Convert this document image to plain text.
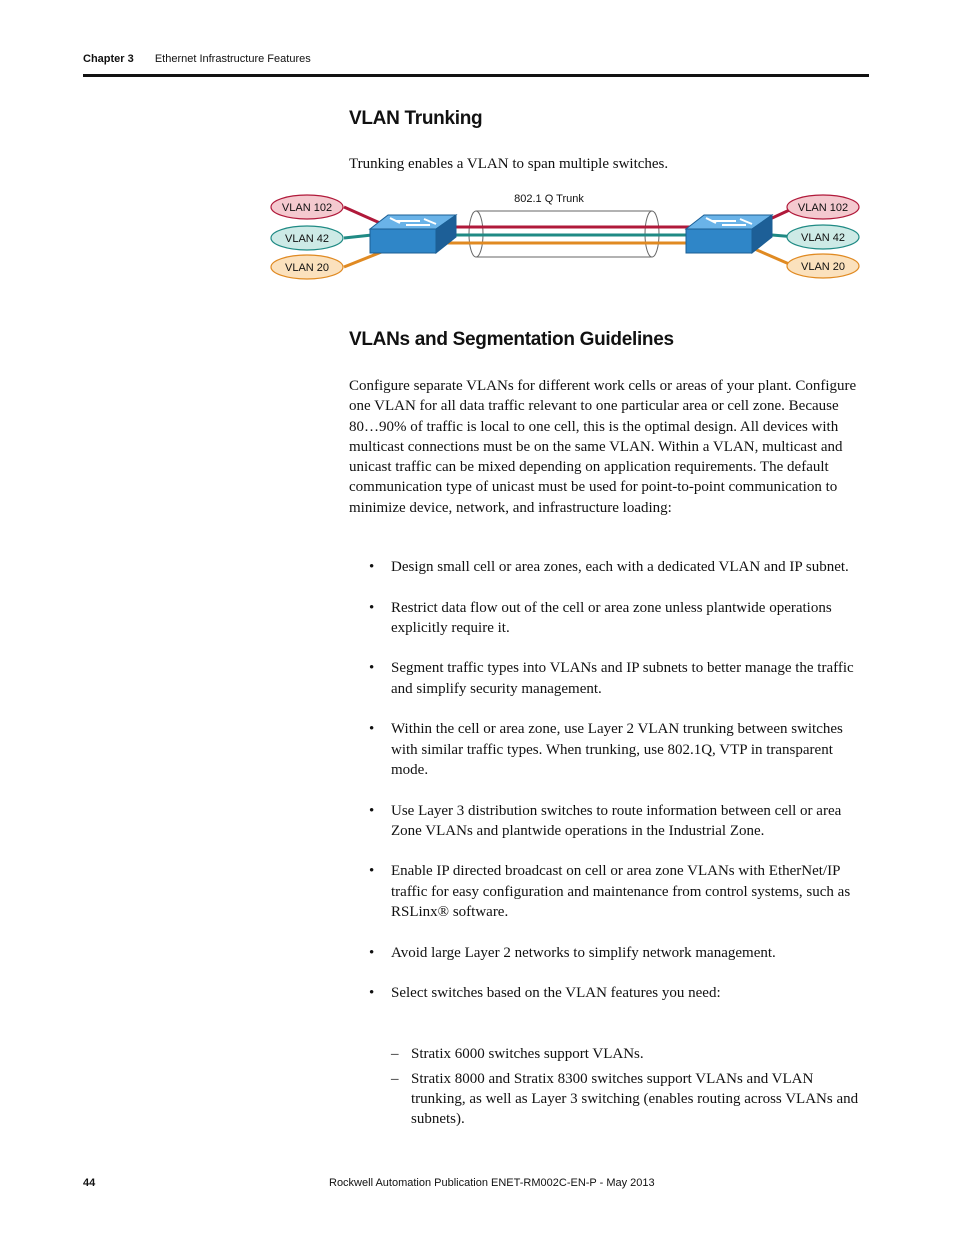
Chapter 3 Ethernet Infrastructure Features
VLAN Trunking

Trunking enables a VLAN to span multiple switches.

802.1 Q Trunk
VLAN 102
VLAN 42
VLAN 20
VLAN 102
VLAN 42
VLAN 20
VLANs and Segmentation Guidelines

Configure separate VLANs for different work cells or areas of your plant. Configure one VLAN for all data traffic relevant to one particular area or cell zone. Because 80…90% of traffic is local to one cell, this is the optimal design. All devices with multicast connections must be on the same VLAN. Within a VLAN, multicast and unicast traffic can be mixed depending on application requirements. The default communication type of unicast must be used for point-to-point communication to minimize device, network, and infrastructure loading:

• Design small cell or area zones, each with a dedicated VLAN and IP subnet.
• Restrict data flow out of the cell or area zone unless plantwide operations explicitly require it.
• Segment traffic types into VLANs and IP subnets to better manage the traffic and simplify security management.
• Within the cell or area zone, use Layer 2 VLAN trunking between switches with similar traffic types. When trunking, use 802.1Q, VTP in transparent mode.
• Use Layer 3 distribution switches to route information between cell or area Zone VLANs and plantwide operations in the Industrial Zone.
• Enable IP directed broadcast on cell or area zone VLANs with EtherNet/IP traffic for easy configuration and maintenance from control systems, such as RSLinx® software.
• Avoid large Layer 2 networks to simplify network management.
• Select switches based on the VLAN features you need:
– Stratix 6000 switches support VLANs.
– Stratix 8000 and Stratix 8300 switches support VLANs and VLAN trunking, as well as Layer 3 switching (enables routing across VLANs and subnets).
44	Rockwell Automation Publication ENET-RM002C-EN-P - May 2013
